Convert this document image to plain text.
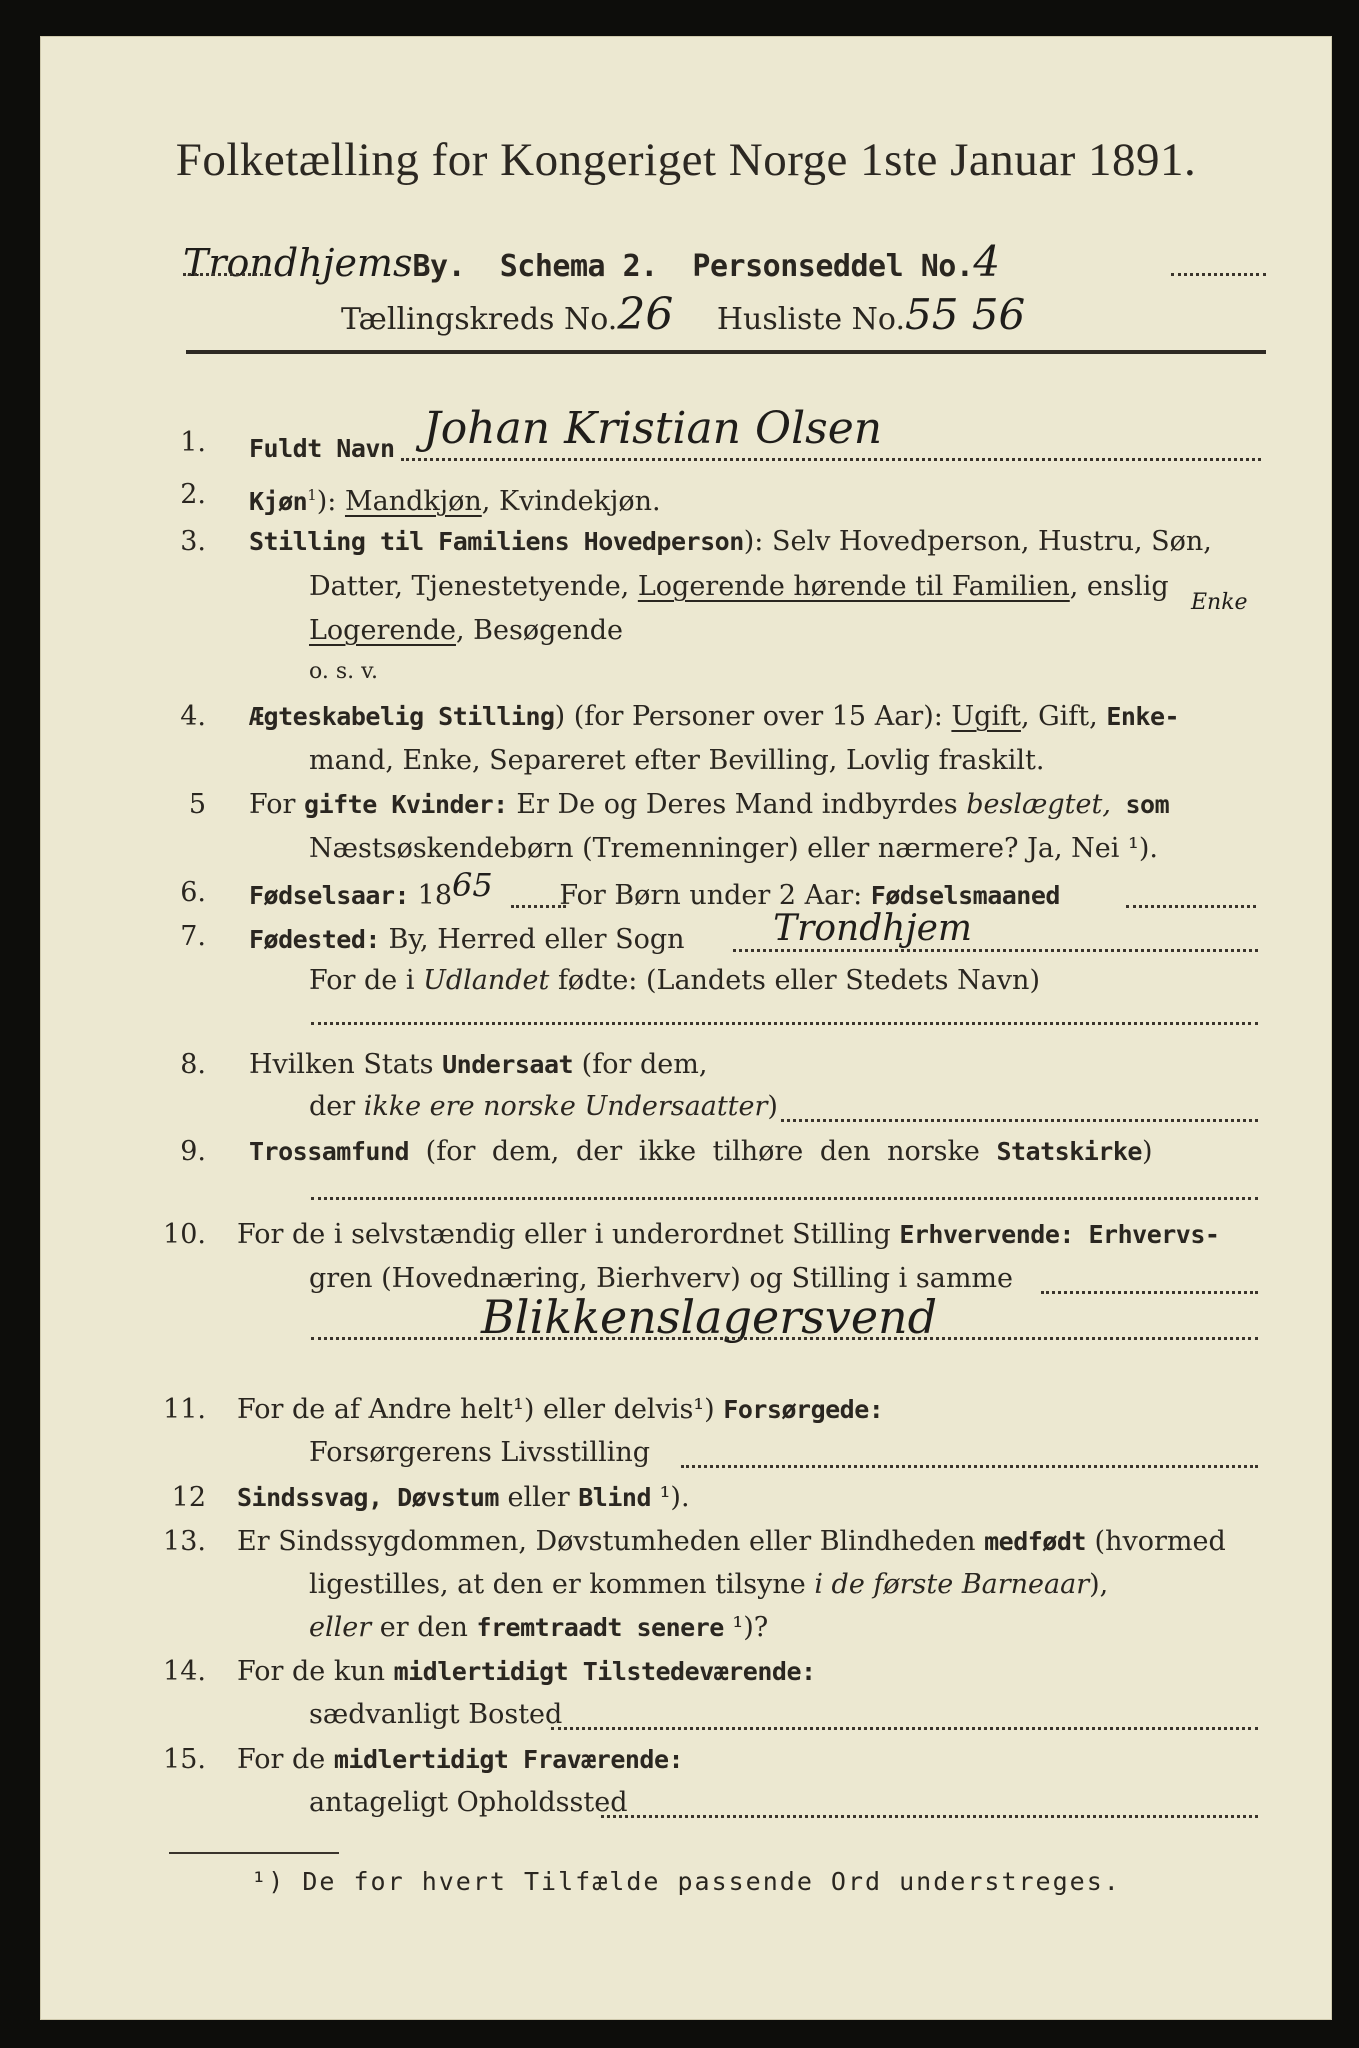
Folketælling for Kongeriget Norge 1ste Januar 1891.
TrondhjemsBy. Schema 2. Personseddel No.4
Tællingskreds No.26 Husliste No.55 56
1. Fuldt Navn Johan Kristian Olsen
2. Kjøn$^1$): Mandkjøn, Kvindekjøn.
3. Stilling til Familiens Hovedperson): Selv Hovedperson, Hustru, Søn,
Datter, Tjenestetyende, Logerende hørende til Familien, enslig
Logerende, Besøgende
o. s. v.
Enke
4. Ægteskabelig Stilling) (for Personer over 15 Aar): Ugift, Gift, Enke-
mand, Enke, Separeret efter Bevilling, Lovlig fraskilt.
5 For gifte Kvinder: Er De og Deres Mand indbyrdes beslægtet, som
Næstsøskendebørn (Tremenninger) eller nærmere? Ja, Nei ¹).
6. Fødselsaar: 1865 For Børn under 2 Aar: Fødselsmaaned
7. Fødested: By, Herred eller Sogn Trondhjem
For de i Udlandet fødte: (Landets eller Stedets Navn)
8. Hvilken Stats Undersaat (for dem,
der ikke ere norske Undersaatter)
9. Trossamfund (for dem, der ikke tilhøre den norske Statskirke)
10. For de i selvstændig eller i underordnet Stilling Erhvervende: Erhvervs-
gren (Hovednæring, Bierhverv) og Stilling i samme
Blikkenslagersvend
11. For de af Andre helt¹) eller delvis¹) Forsørgede:
Forsørgerens Livsstilling
12 Sindssvag, Døvstum eller Blind ¹).
13. Er Sindssygdommen, Døvstumheden eller Blindheden medfødt (hvormed
ligestilles, at den er kommen tilsyne i de første Barneaar),
eller er den fremtraadt senere ¹)?
14. For de kun midlertidigt Tilstedeværende:
sædvanligt Bosted
15. For de midlertidigt Fraværende:
antageligt Opholdssted
¹) De for hvert Tilfælde passende Ord understreges.
